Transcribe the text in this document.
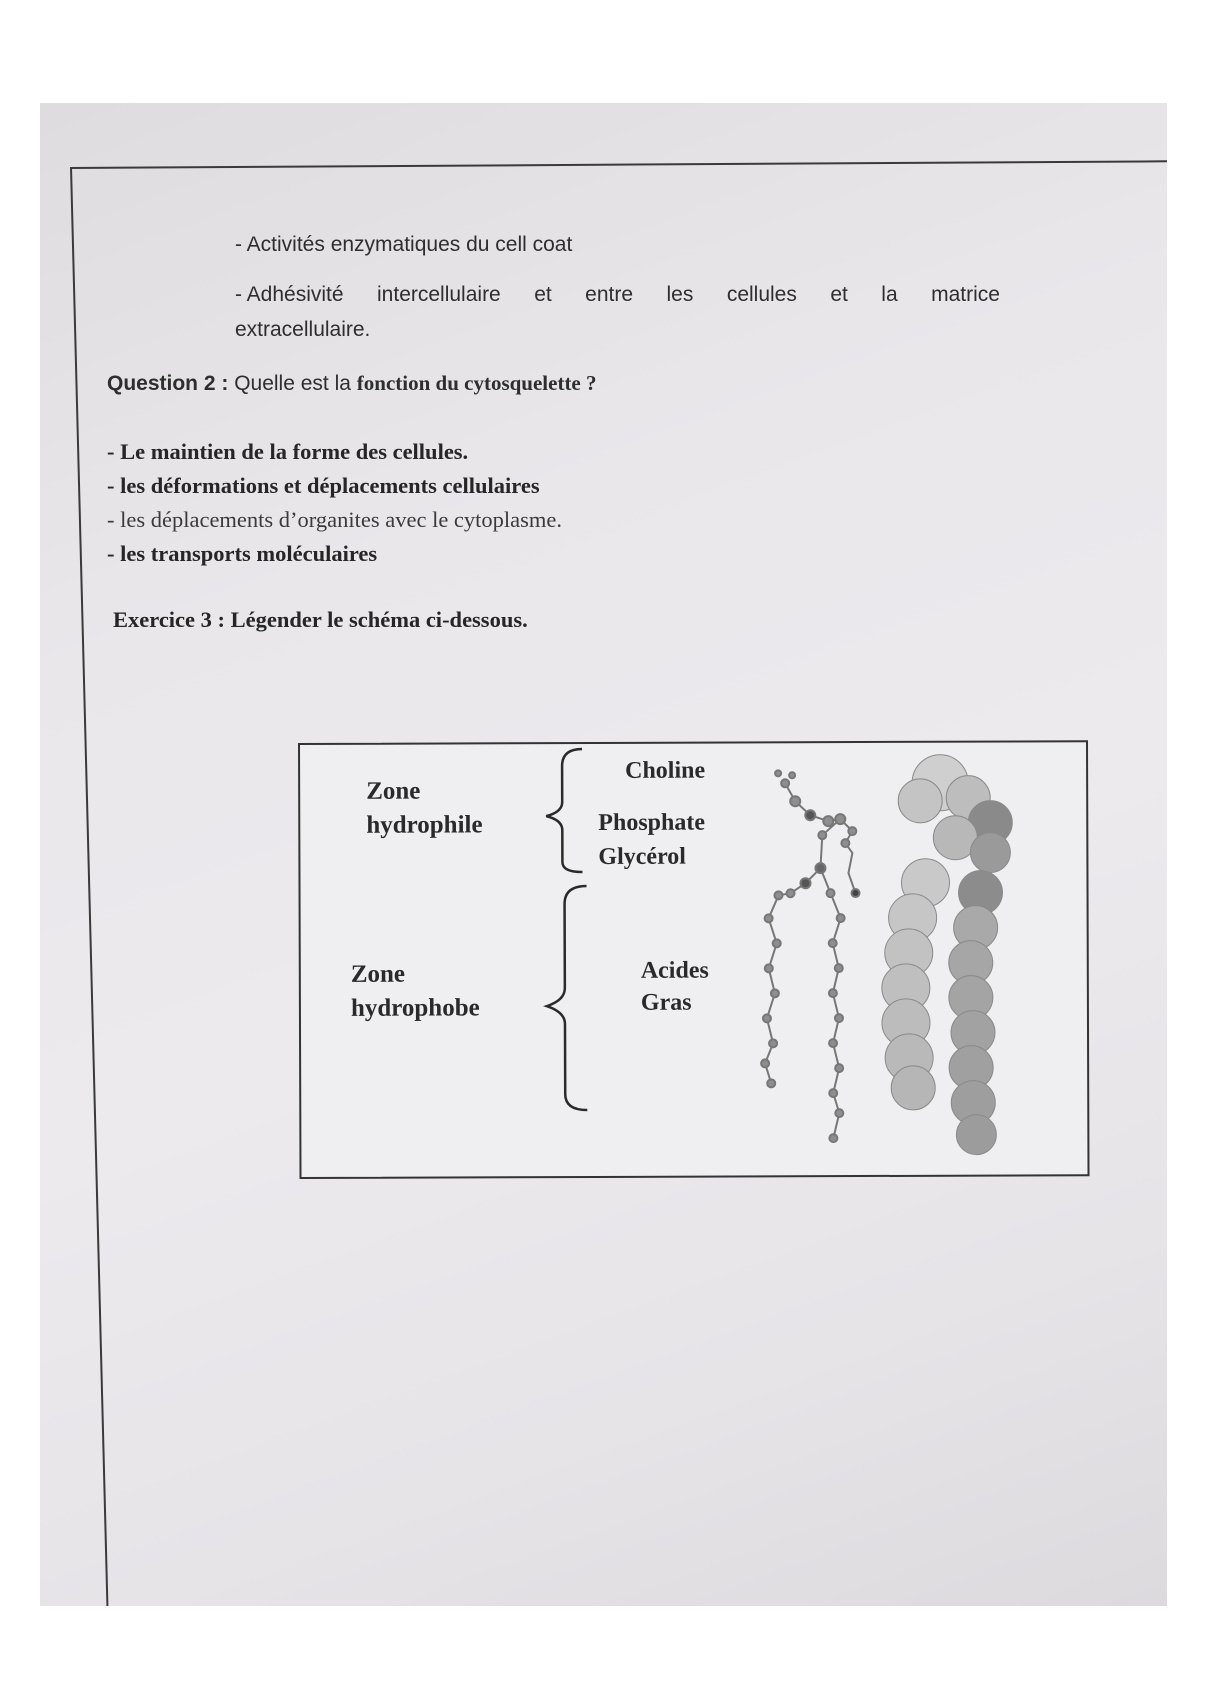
- Activités enzymatiques du cell coat
- Adhésivité intercellulaire et entre les cellules et la matrice
extracellulaire.
Question 2 : Quelle est la fonction du cytosquelette ?
- Le maintien de la forme des cellules.
- les déformations et déplacements cellulaires
- les déplacements d’organites avec le cytoplasme.
- les transports moléculaires
Exercice 3 : Légender le schéma ci-dessous.
Zone
hydrophile
Zone
hydrophobe
Choline
Phosphate
Glycérol
Acides
Gras
